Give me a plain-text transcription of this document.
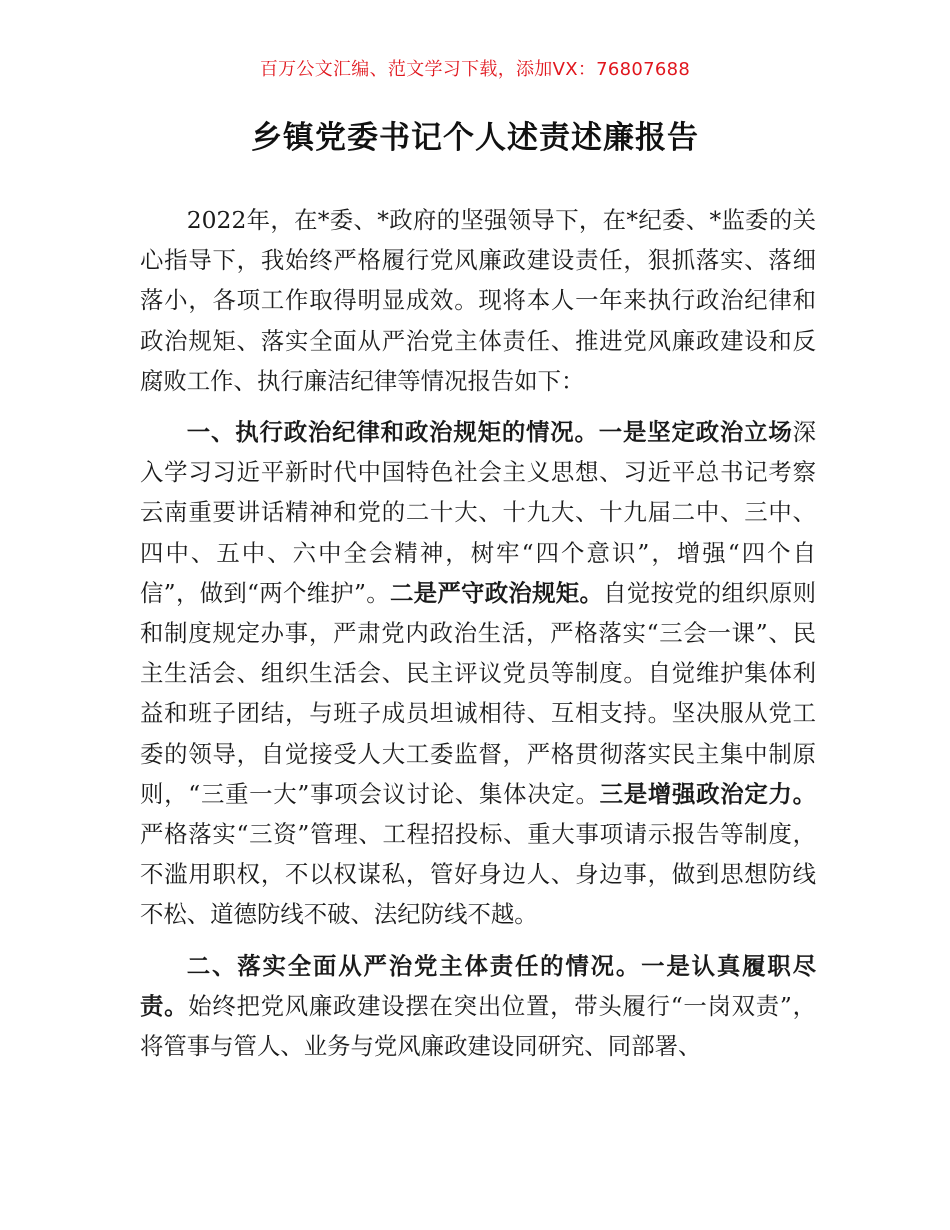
百万公文汇编、范文学习下载，添加VX：76807688
乡镇党委书记个人述责述廉报告

2022年，在*委、*政府的坚强领导下，在*纪委、*监委的关心指导下，我始终严格履行党风廉政建设责任，狠抓落实、落细落小，各项工作取得明显成效。现将本人一年来执行政治纪律和政治规矩、落实全面从严治党主体责任、推进党风廉政建设和反腐败工作、执行廉洁纪律等情况报告如下：

一、执行政治纪律和政治规矩的情况。一是坚定政治立场深入学习习近平新时代中国特色社会主义思想、习近平总书记考察云南重要讲话精神和党的二十大、十九大、十九届二中、三中、四中、五中、六中全会精神，树牢“四个意识”，增强“四个自信”，做到“两个维护”。二是严守政治规矩。自觉按党的组织原则和制度规定办事，严肃党内政治生活，严格落实“三会一课”、民主生活会、组织生活会、民主评议党员等制度。自觉维护集体利益和班子团结，与班子成员坦诚相待、互相支持。坚决服从党工委的领导，自觉接受人大工委监督，严格贯彻落实民主集中制原则，“三重一大”事项会议讨论、集体决定。三是增强政治定力。严格落实“三资”管理、工程招投标、重大事项请示报告等制度，不滥用职权，不以权谋私，管好身边人、身边事，做到思想防线不松、道德防线不破、法纪防线不越。

二、落实全面从严治党主体责任的情况。一是认真履职尽责。始终把党风廉政建设摆在突出位置，带头履行“一岗双责”，将管事与管人、业务与党风廉政建设同研究、同部署、
